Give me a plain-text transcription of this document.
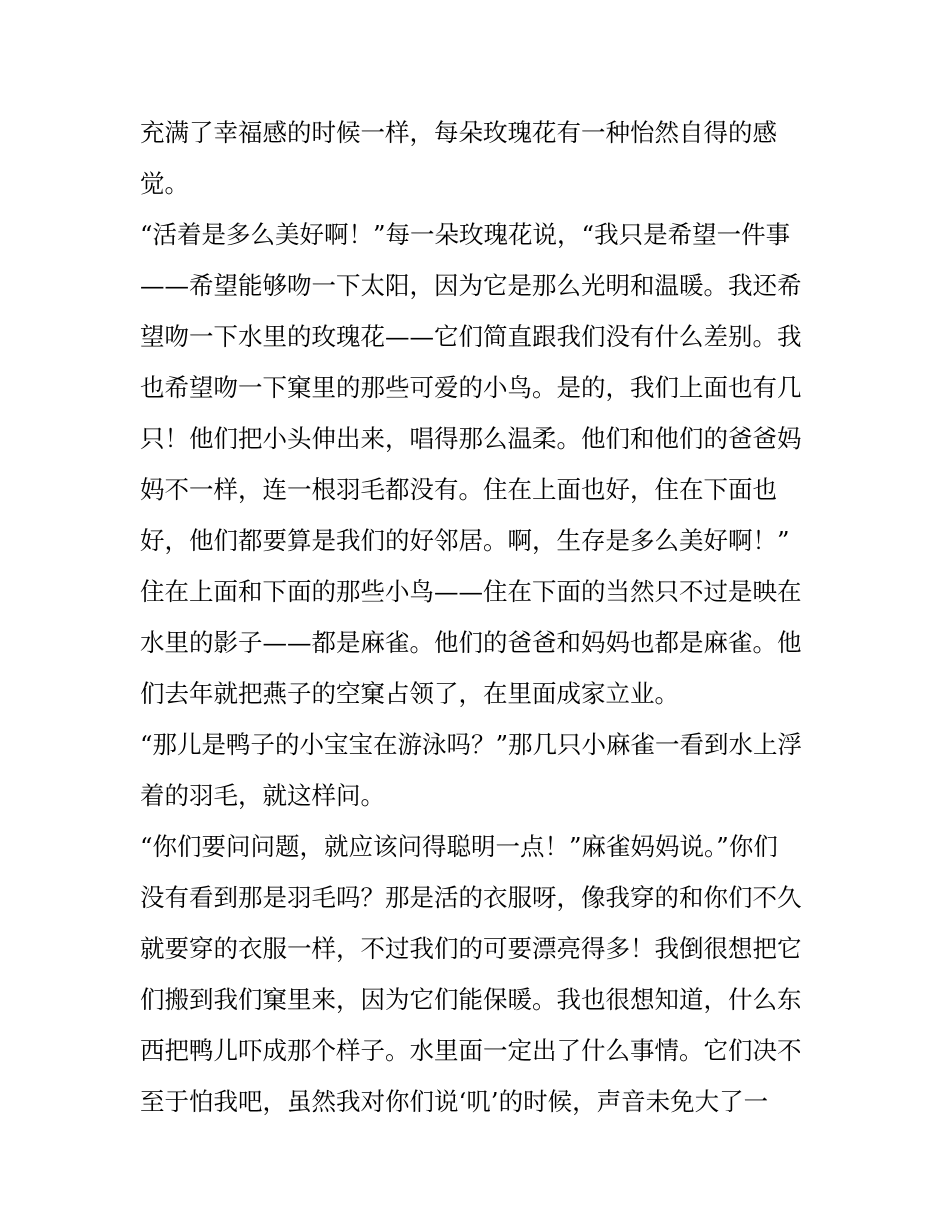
充满了幸福感的时候一样，每朵玫瑰花有一种怡然自得的感
觉。
“活着是多么美好啊！”每一朵玫瑰花说，“我只是希望一件事
——希望能够吻一下太阳，因为它是那么光明和温暖。我还希
望吻一下水里的玫瑰花——它们简直跟我们没有什么差别。我
也希望吻一下窠里的那些可爱的小鸟。是的，我们上面也有几
只！他们把小头伸出来，唱得那么温柔。他们和他们的爸爸妈
妈不一样，连一根羽毛都没有。住在上面也好，住在下面也
好，他们都要算是我们的好邻居。啊，生存是多么美好啊！”
住在上面和下面的那些小鸟——住在下面的当然只不过是映在
水里的影子——都是麻雀。他们的爸爸和妈妈也都是麻雀。他
们去年就把燕子的空窠占领了，在里面成家立业。
“那儿是鸭子的小宝宝在游泳吗？”那几只小麻雀一看到水上浮
着的羽毛，就这样问。
“你们要问问题，就应该问得聪明一点！”麻雀妈妈说。”你们
没有看到那是羽毛吗？那是活的衣服呀，像我穿的和你们不久
就要穿的衣服一样，不过我们的可要漂亮得多！我倒很想把它
们搬到我们窠里来，因为它们能保暖。我也很想知道，什么东
西把鸭儿吓成那个样子。水里面一定出了什么事情。它们决不
至于怕我吧，虽然我对你们说‘叽’的时候，声音未免大了一
